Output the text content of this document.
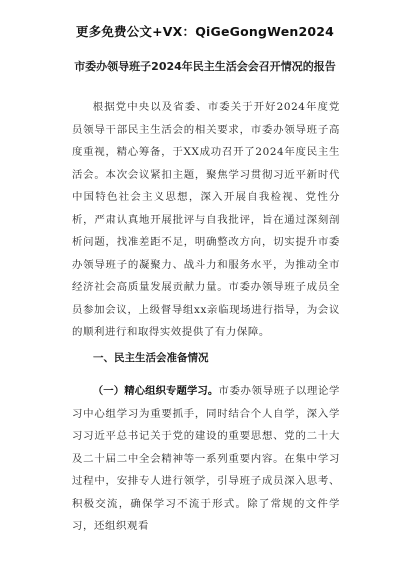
更多免费公文+VX：QiGeGongWen2024
市委办领导班子2024年民主生活会会召开情况的报告
根据党中央以及省委、市委关于开好2024年度党员领导干部民主生活会的相关要求，市委办领导班子高度重视，精心筹备，于XX成功召开了2024年度民主生活会。本次会议紧扣主题，聚焦学习贯彻习近平新时代中国特色社会主义思想，深入开展自我检视、党性分析，严肃认真地开展批评与自我批评，旨在通过深刻剖析问题，找准差距不足，明确整改方向，切实提升市委办领导班子的凝聚力、战斗力和服务水平，为推动全市经济社会高质量发展贡献力量。市委办领导班子成员全员参加会议，上级督导组xx亲临现场进行指导，为会议的顺利进行和取得实效提供了有力保障。
一、民主生活会准备情况
（一）精心组织专题学习。市委办领导班子以理论学习中心组学习为重要抓手，同时结合个人自学，深入学习习近平总书记关于党的建设的重要思想、党的二十大及二十届二中全会精神等一系列重要内容。在集中学习过程中，安排专人进行领学，引导班子成员深入思考、积极交流，确保学习不流于形式。除了常规的文件学习，还组织观看
